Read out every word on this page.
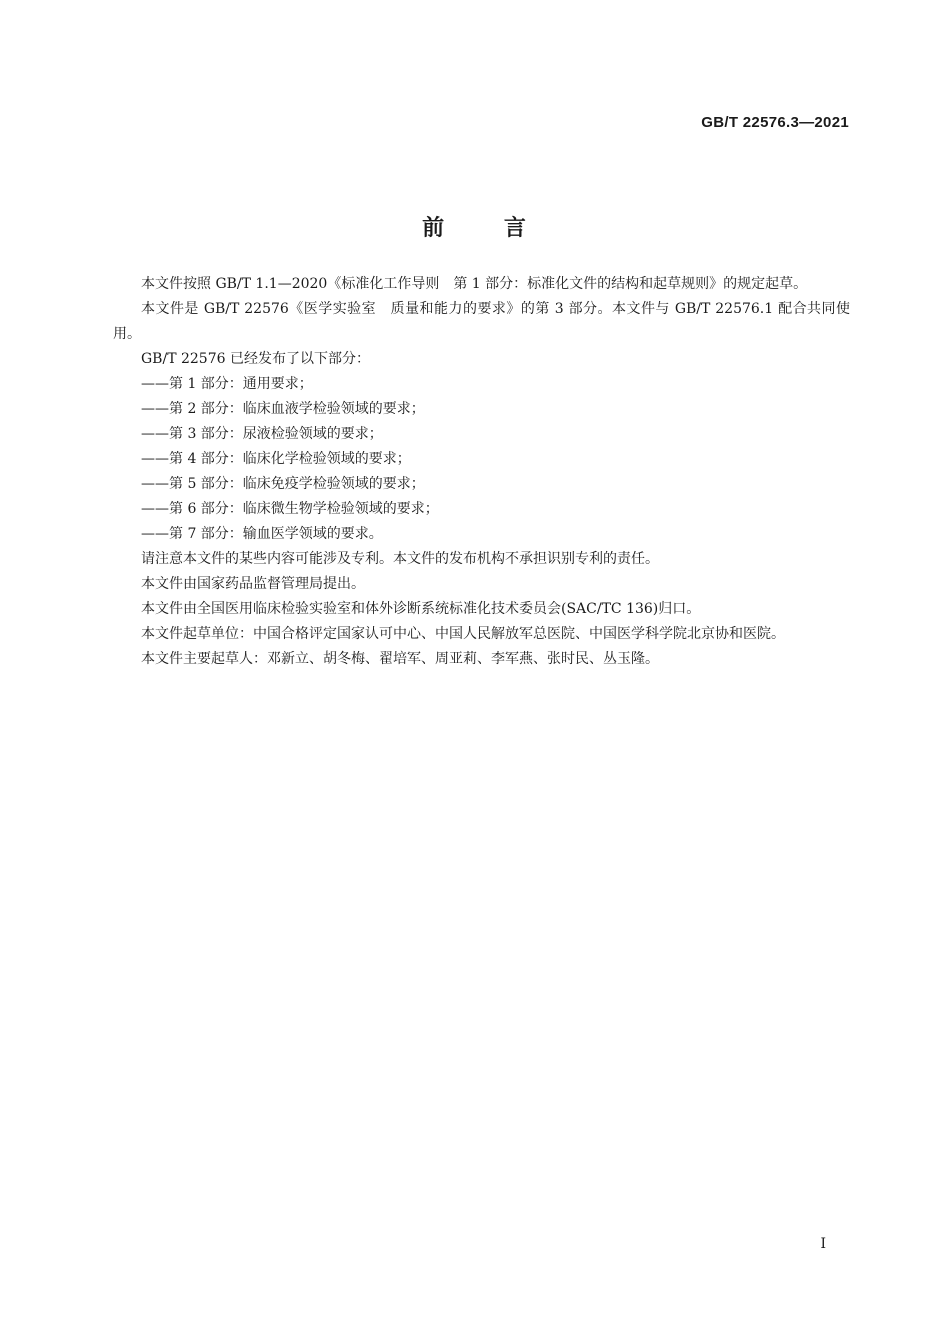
GB/T 22576.3—2021
前 言

本文件按照 GB/T 1.1—2020《标准化工作导则　第 1 部分：标准化文件的结构和起草规则》的规定起草。

本文件是 GB/T 22576《医学实验室　质量和能力的要求》的第 3 部分。本文件与 GB/T 22576.1 配合共同使用。

GB/T 22576 已经发布了以下部分：

——第 1 部分：通用要求；

——第 2 部分：临床血液学检验领域的要求；

——第 3 部分：尿液检验领域的要求；

——第 4 部分：临床化学检验领域的要求；

——第 5 部分：临床免疫学检验领域的要求；

——第 6 部分：临床微生物学检验领域的要求；

——第 7 部分：输血医学领域的要求。

请注意本文件的某些内容可能涉及专利。本文件的发布机构不承担识别专利的责任。

本文件由国家药品监督管理局提出。

本文件由全国医用临床检验实验室和体外诊断系统标准化技术委员会(SAC/TC 136)归口。

本文件起草单位：中国合格评定国家认可中心、中国人民解放军总医院、中国医学科学院北京协和医院。

本文件主要起草人：邓新立、胡冬梅、翟培军、周亚莉、李军燕、张时民、丛玉隆。

I
